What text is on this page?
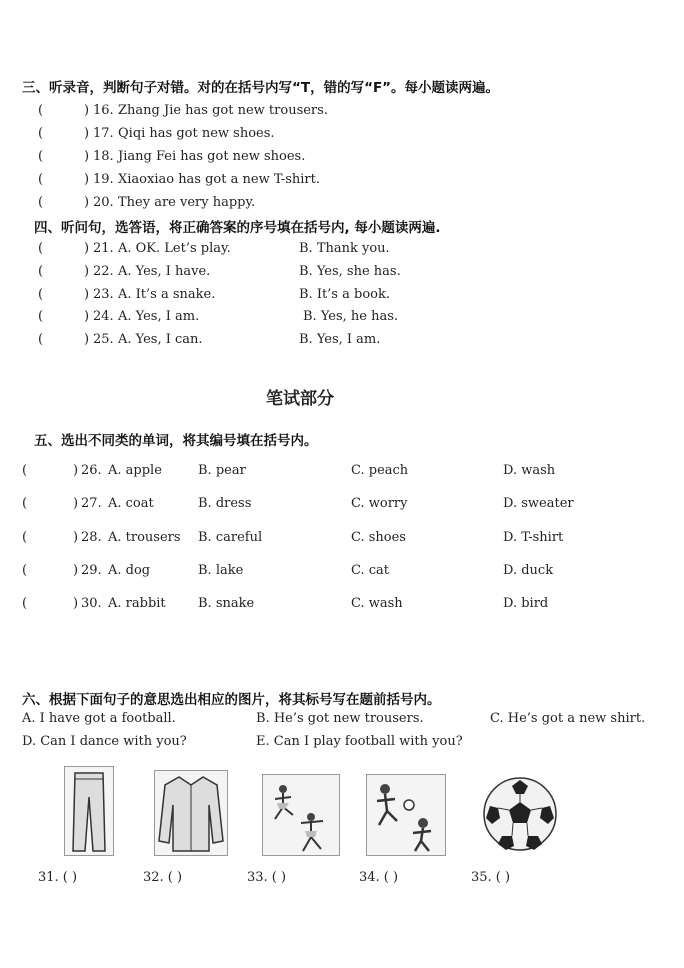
三、听录音，判断句子对错。对的在括号内写“T，错的写“F”。每小题读两遍。
(	) 16. Zhang Jie has got new trousers.
(	) 17. Qiqi has got new shoes.
(	) 18. Jiang Fei has got new shoes.
(	) 19. Xiaoxiao has got a new T-shirt.
(	) 20. They are very happy.
四、听问句，选答语，将正确答案的序号填在括号内, 每小题读两遍.
(	) 21. A. OK. Let’s play.	B. Thank you.
(	) 22. A. Yes, I have.	B. Yes, she has.
(	) 23. A. It’s a snake.	B. It’s a book.
(	) 24. A. Yes, I am.	B. Yes, he has.
(	) 25. A. Yes, I can.	B. Yes, I am.
笔试部分
五、选出不同类的单词，将其编号填在括号内。
(	) 26. A. apple	B. pear	C. peach	D. wash
(	) 27. A. coat	B. dress	C. worry	D. sweater
(	) 28. A. trousers B. careful	C. shoes	D. T-shirt
(	) 29. A. dog	B. lake	C. cat	D. duck
(	) 30. A. rabbit B. snake	C. wash	D. bird
六、根据下面句子的意思选出相应的图片，将其标号写在题前括号内。
A. I have got a football.	B. He’s got new trousers.	C. He’s got a new shirt.
D. Can I dance with you?	E. Can I play football with you?
31. ( )	32. ( )	33. ( )	34. ( )	35. ( )
